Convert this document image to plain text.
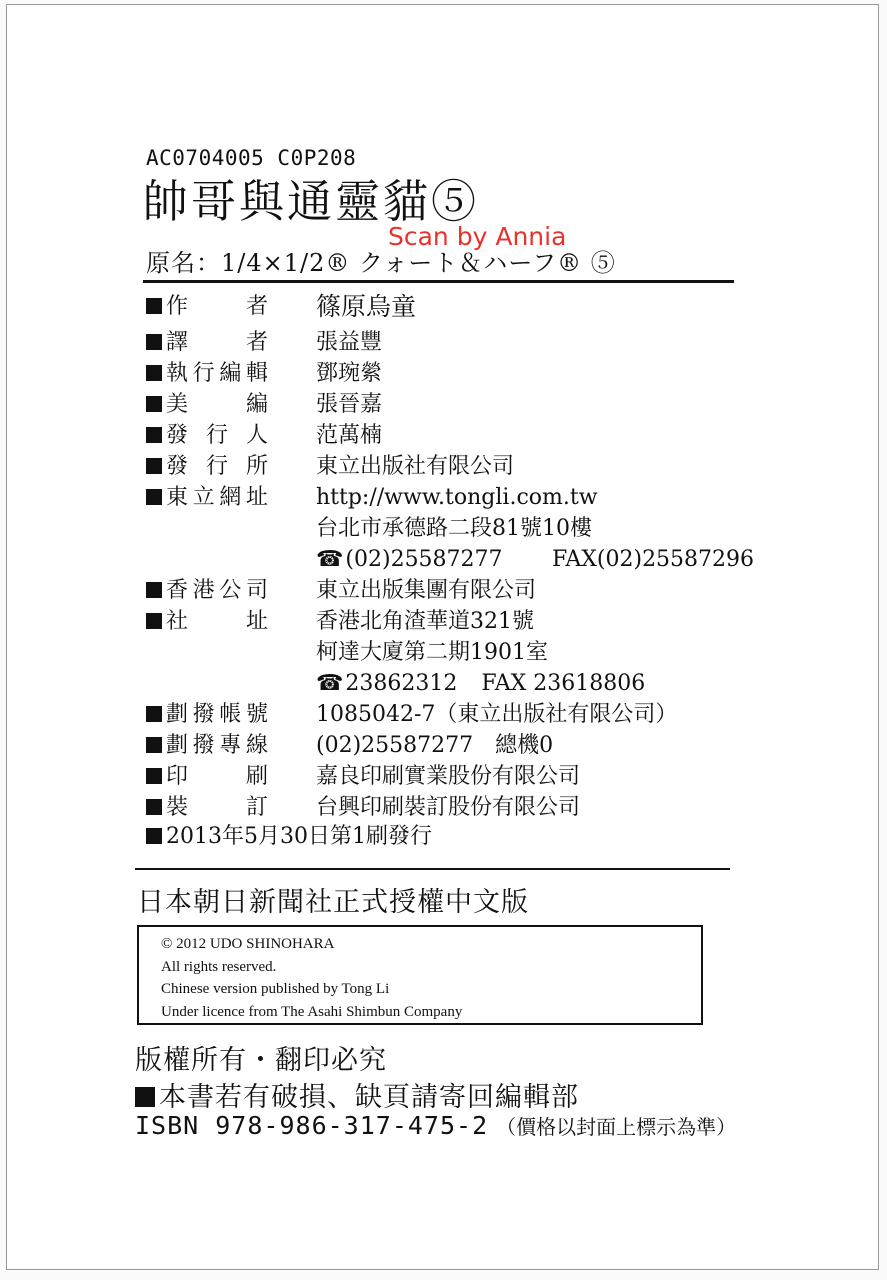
AC0704005 C0P208
帥哥與通靈貓⑤
Scan by Annia
原名：1/4×1/2® クォート＆ハーフ® ⑤
作　者	篠原烏童
譯　者	張益豐
執行編輯	鄧琬縈
美　編	張晉嘉
發行人	范萬楠
發行所	東立出版社有限公司
東立網址	http://www.tongli.com.tw
台北市承德路二段81號10樓
☎(02)25587277 FAX(02)25587296
香港公司	東立出版集團有限公司
社　址	香港北角渣華道321號
柯達大廈第二期1901室
☎23862312 FAX 23618806
劃撥帳號	1085042-7（東立出版社有限公司）
劃撥專線	(02)25587277　總機0
印　刷	嘉良印刷實業股份有限公司
裝　訂	台興印刷裝訂股份有限公司
2013年5月30日第1刷發行
日本朝日新聞社正式授權中文版
© 2012 UDO SHINOHARA
All rights reserved.
Chinese version published by Tong Li
Under licence from The Asahi Shimbun Company
版權所有・翻印必究
本書若有破損、缺頁請寄回編輯部
ISBN 978-986-317-475-2 （價格以封面上標示為準）
